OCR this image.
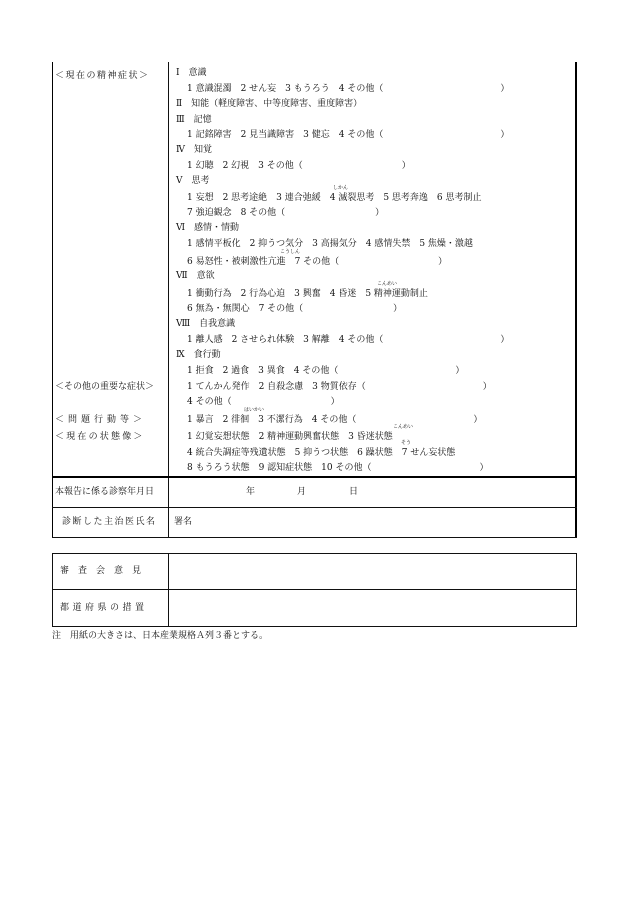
＜現在の精神症状＞	Ⅰ　意識
1 意識混濁　2 せん妄　3 もうろう　4 その他（　　　　　　　　　　　　　）
Ⅱ　知能（軽度障害、中等度障害、重度障害）
Ⅲ　記憶
1 記銘障害　2 見当識障害　3 健忘　4 その他（　　　　　　　　　　　　　）
Ⅳ　知覚
1 幻聴　2 幻視　3 その他（　　　　　　　　　　　）
Ⅴ　思考
1 妄想　2 思考途絶　3 連合弛緩　4 滅裂思考　5 思考奔逸　6 思考制止
しかん
7 強迫観念　8 その他（　　　　　　　　　　）
Ⅵ　感情・情動
1 感情平板化　2 抑うつ気分　3 高揚気分　4 感情失禁　5 焦燥・激越
6 易怒性・被刺激性亢進　7 その他（　　　　　　　　　　　）
こうしん
Ⅶ　意欲
1 衝動行為　2 行為心迫　3 興奮　4 昏迷　5 精神運動制止
こんめい
6 無為・無関心　7 その他（　　　　　　　　　　）
Ⅷ　自我意識
1 離人感　2 させられ体験　3 解離　4 その他（　　　　　　　　　　　　　）
Ⅸ　食行動
1 拒食　2 過食　3 異食　4 その他（　　　　　　　　　　　　　）
＜その他の重要な症状＞	1 てんかん発作　2 自殺念慮　3 物質依存（　　　　　　　　　　　　　）
4 その他（　　　　　　　　　　　）
＜問題行動等＞	1 暴言　2 徘徊　3 不潔行為　4 その他（　　　　　　　　　　　　　）
はいかい
＜現在の状態像＞	1 幻覚妄想状態　2 精神運動興奮状態　3 昏迷状態
こんめい
4 統合失調症等残遺状態　5 抑うつ状態　6 躁状態　7 せん妄状態
そう
8 もうろう状態　9 認知症状態　10 その他（　　　　　　　　　　　　）
本報告に係る診察年月日	年	月	日
診断した主治医氏名 署名
審査会意見
都道府県の措置
注　用紙の大きさは、日本産業規格Ａ列３番とする。
